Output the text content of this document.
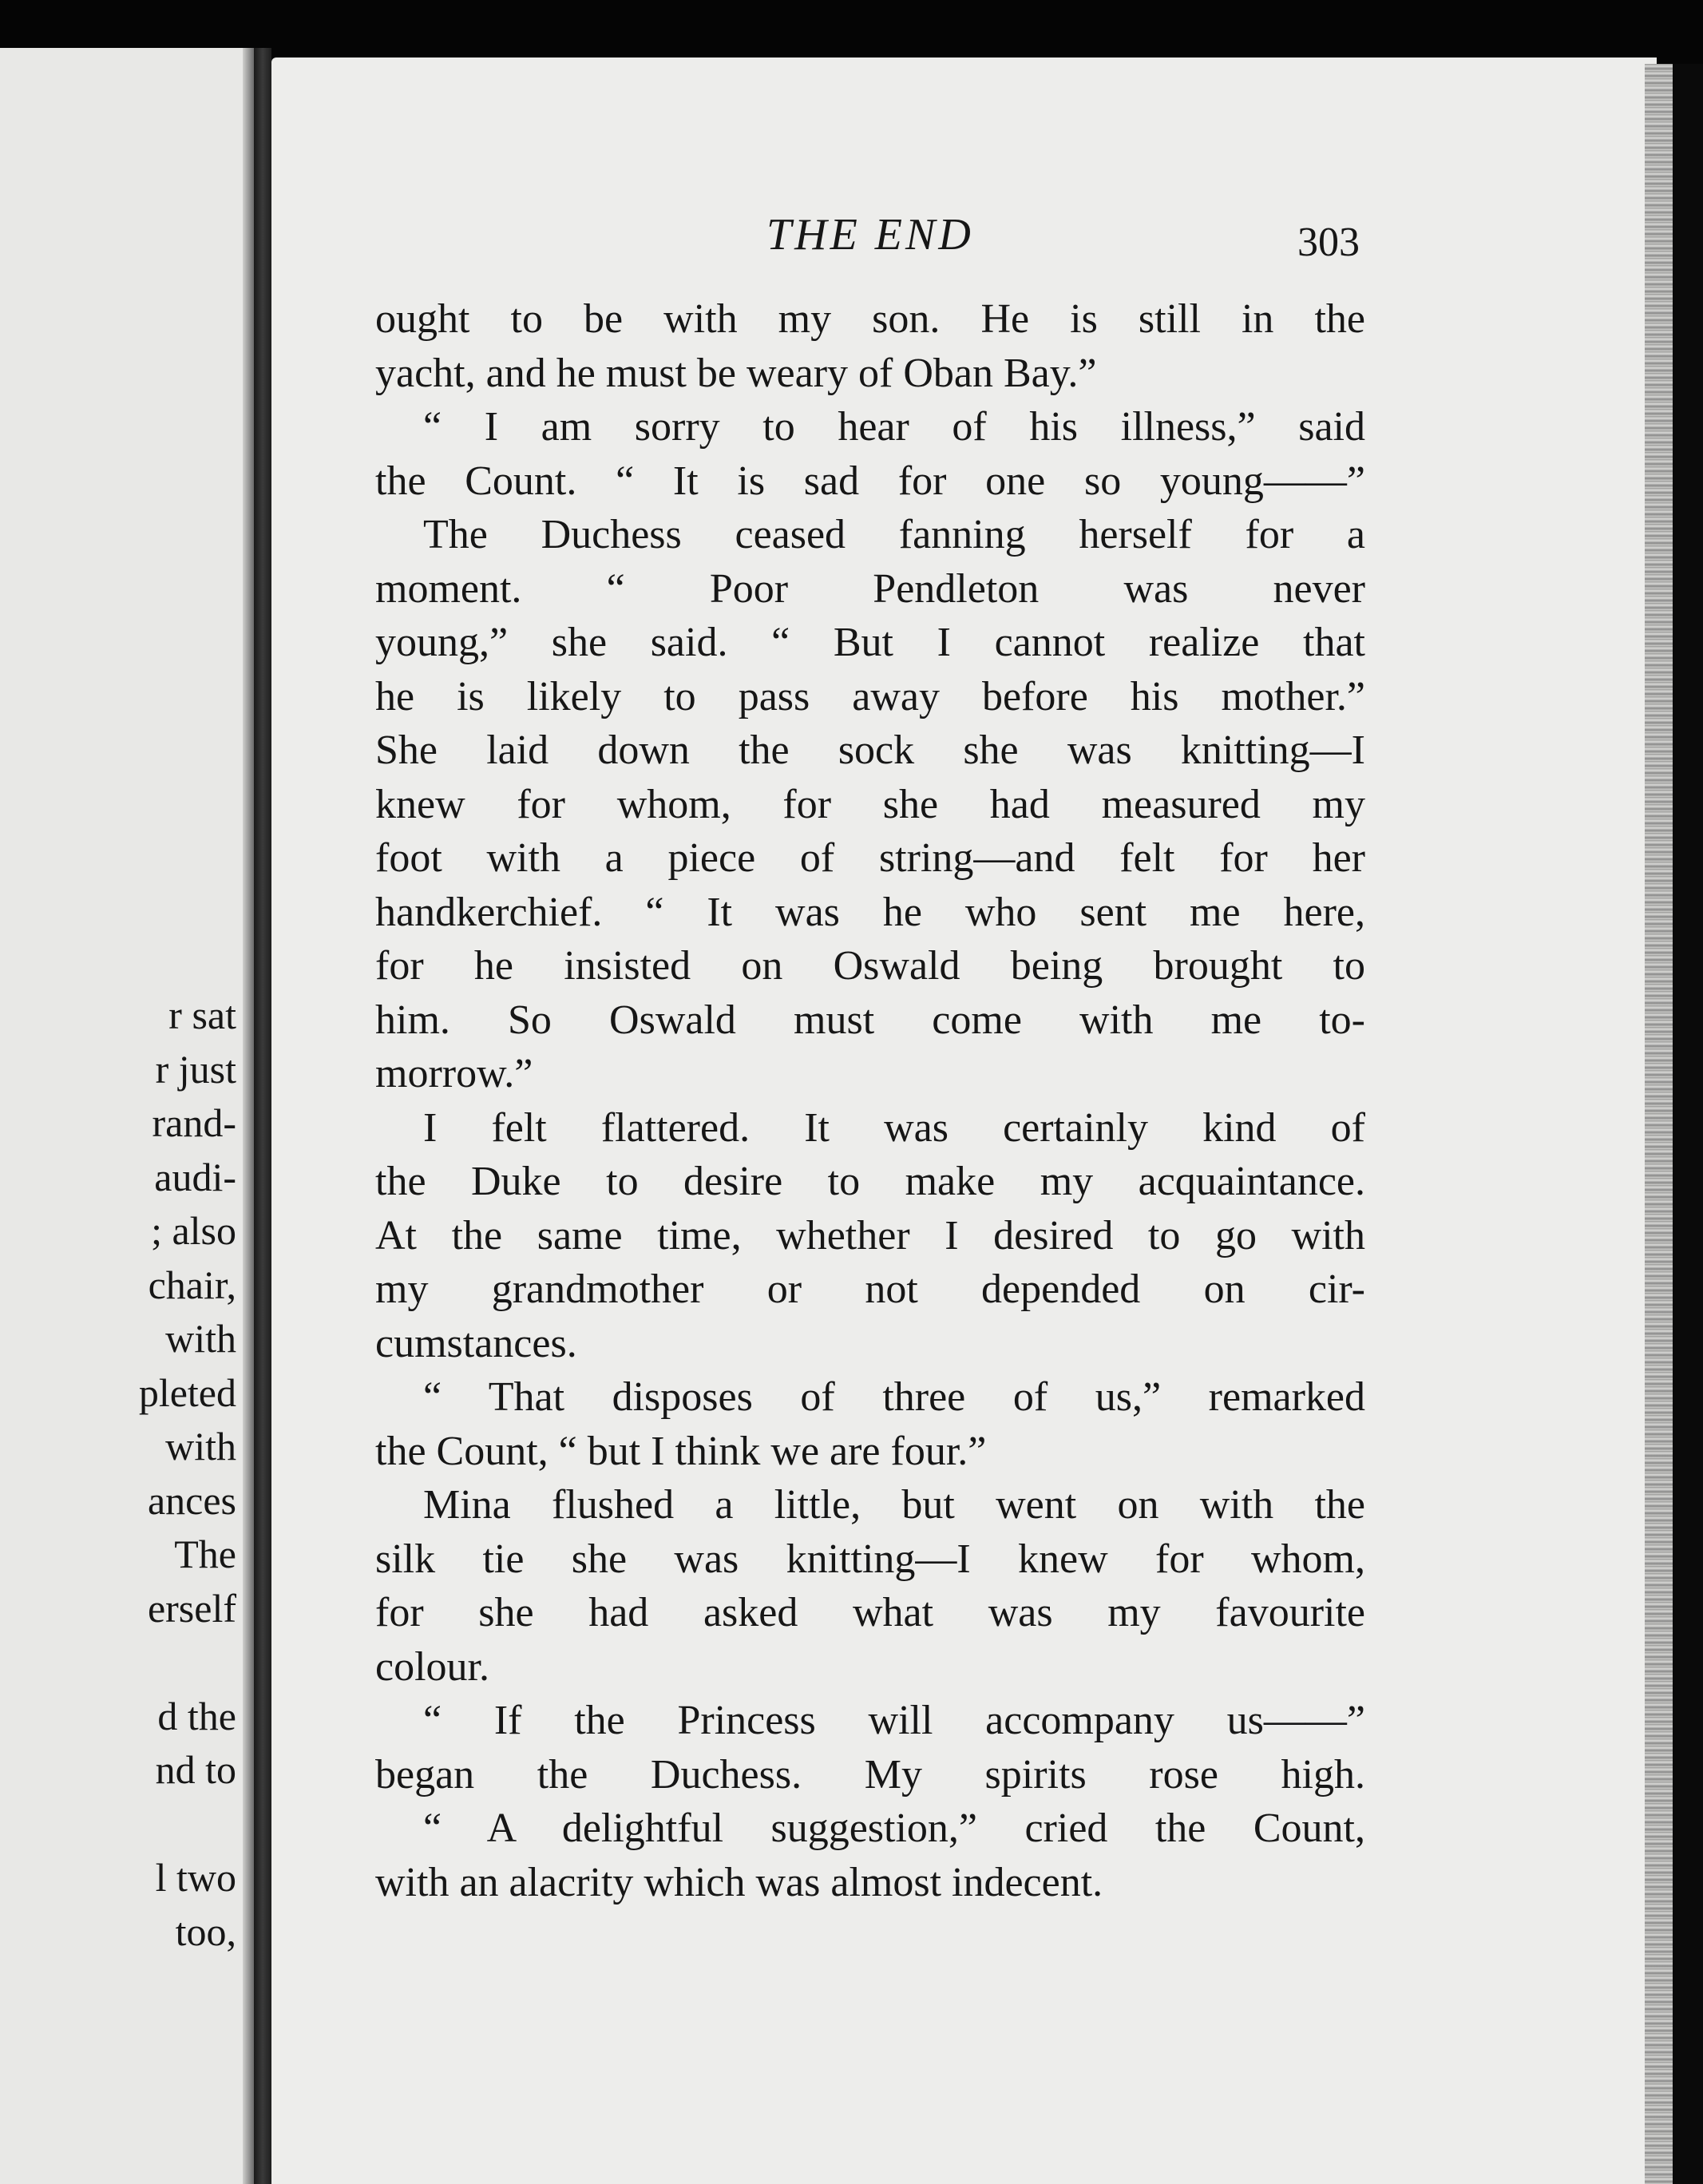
r sat
r just
rand-
audi-
; also
chair,
with
pleted
with
ances
The
erself
d the
nd to
l two
too,
THE END	303
ought to be with my son. He is still in the
yacht, and he must be weary of Oban Bay.”
“ I am sorry to hear of his illness,” said
the Count. “ It is sad for one so young——”
The Duchess ceased fanning herself for a
moment. “ Poor Pendleton was never
young,” she said. “ But I cannot realize that
he is likely to pass away before his mother.”
She laid down the sock she was knitting—I
knew for whom, for she had measured my
foot with a piece of string—and felt for her
handkerchief. “ It was he who sent me here,
for he insisted on Oswald being brought to
him. So Oswald must come with me to-
morrow.”
I felt flattered. It was certainly kind of
the Duke to desire to make my acquaintance.
At the same time, whether I desired to go with
my grandmother or not depended on cir-
cumstances.
“ That disposes of three of us,” remarked
the Count, “ but I think we are four.”
Mina flushed a little, but went on with the
silk tie she was knitting—I knew for whom,
for she had asked what was my favourite
colour.
“ If the Princess will accompany us——”
began the Duchess. My spirits rose high.
“ A delightful suggestion,” cried the Count,
with an alacrity which was almost indecent.
